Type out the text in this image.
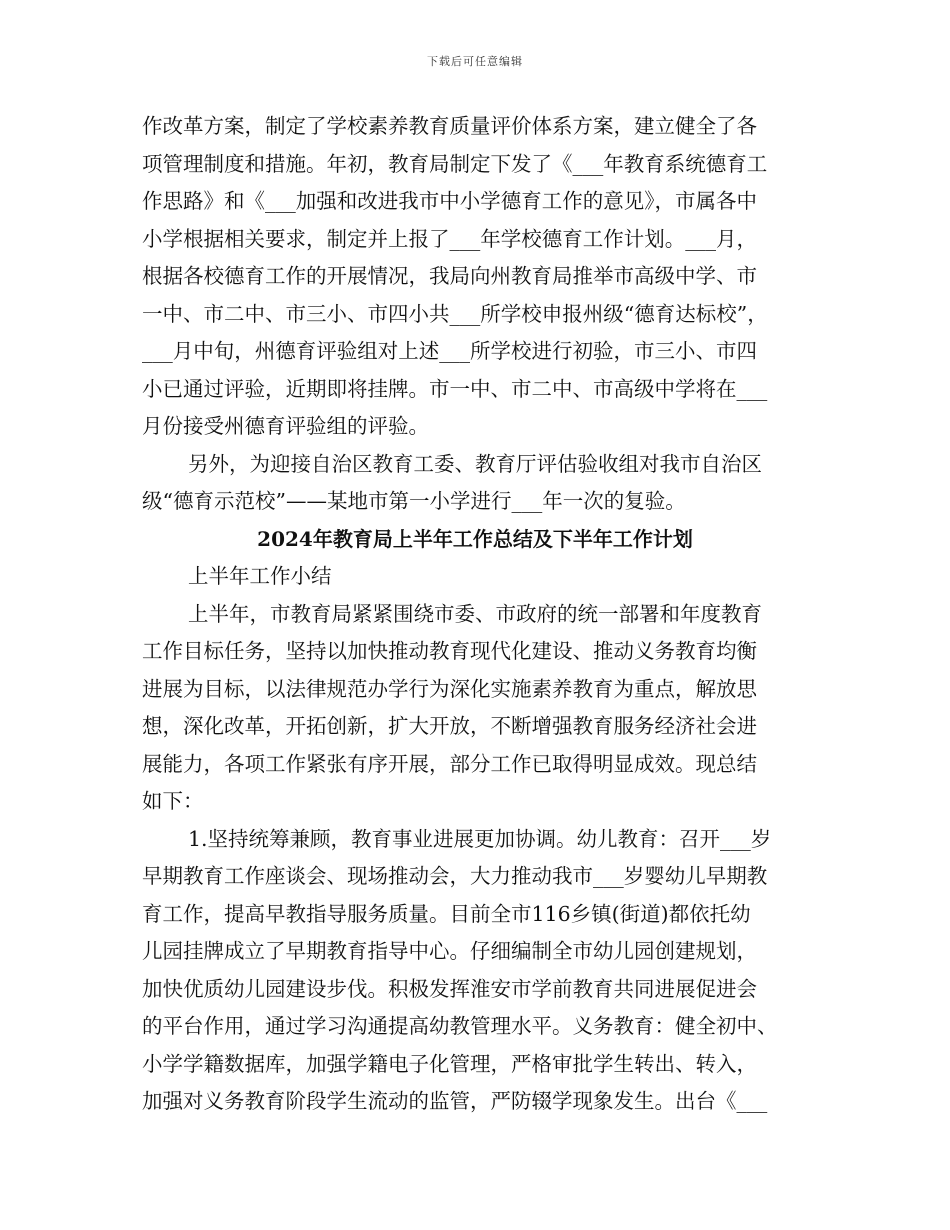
下载后可任意编辑
作改革方案，制定了学校素养教育质量评价体系方案，建立健全了各
项管理制度和措施。年初，教育局制定下发了《___年教育系统德育工
作思路》和《___加强和改进我市中小学德育工作的意见》，市属各中
小学根据相关要求，制定并上报了___年学校德育工作计划。___月，
根据各校德育工作的开展情况，我局向州教育局推举市高级中学、市
一中、市二中、市三小、市四小共___所学校申报州级“德育达标校”，
___月中旬，州德育评验组对上述___所学校进行初验，市三小、市四
小已通过评验，近期即将挂牌。市一中、市二中、市高级中学将在___
月份接受州德育评验组的评验。
另外，为迎接自治区教育工委、教育厅评估验收组对我市自治区
级“德育示范校”——某地市第一小学进行___年一次的复验。
2024年教育局上半年工作总结及下半年工作计划
上半年工作小结
上半年，市教育局紧紧围绕市委、市政府的统一部署和年度教育
工作目标任务，坚持以加快推动教育现代化建设、推动义务教育均衡
进展为目标，以法律规范办学行为深化实施素养教育为重点，解放思
想，深化改革，开拓创新，扩大开放，不断增强教育服务经济社会进
展能力，各项工作紧张有序开展，部分工作已取得明显成效。现总结
如下：
1.坚持统筹兼顾，教育事业进展更加协调。幼儿教育：召开___岁
早期教育工作座谈会、现场推动会，大力推动我市___岁婴幼儿早期教
育工作，提高早教指导服务质量。目前全市116乡镇(街道)都依托幼
儿园挂牌成立了早期教育指导中心。仔细编制全市幼儿园创建规划，
加快优质幼儿园建设步伐。积极发挥淮安市学前教育共同进展促进会
的平台作用，通过学习沟通提高幼教管理水平。义务教育：健全初中、
小学学籍数据库，加强学籍电子化管理，严格审批学生转出、转入，
加强对义务教育阶段学生流动的监管，严防辍学现象发生。出台《___
